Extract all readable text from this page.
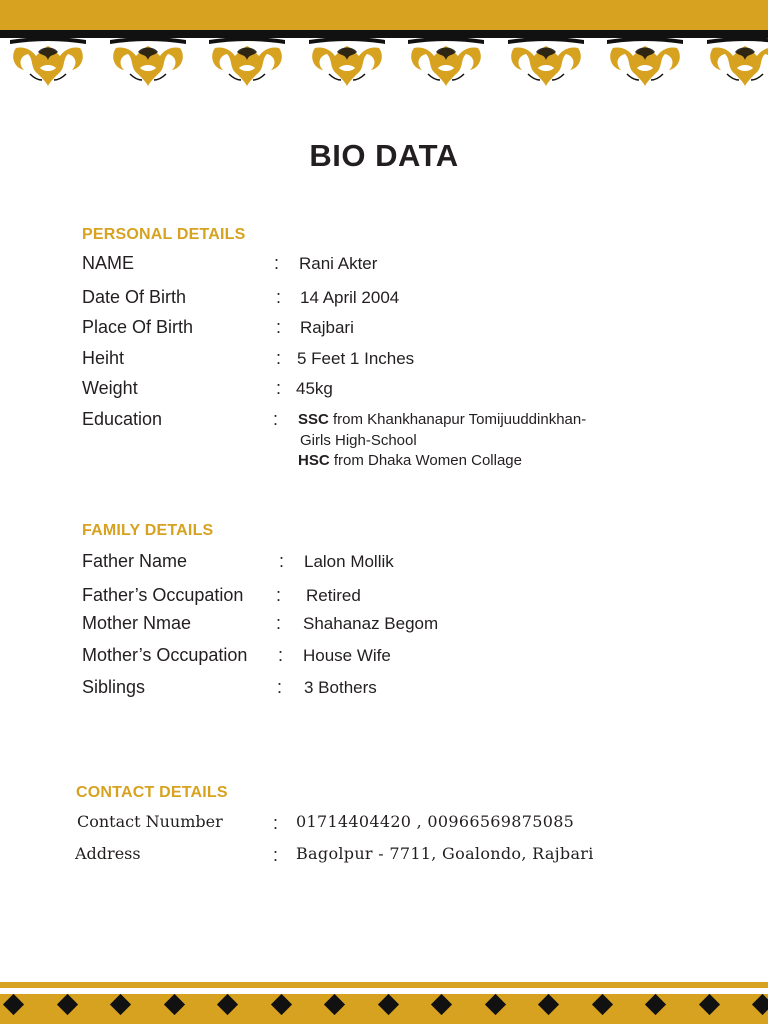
BIO DATA
PERSONAL DETAILS
NAME	: Rani Akter
Date Of Birth	: 14 April 2004
Place Of Birth	: Rajbari
Heiht	: 5 Feet 1 Inches
Weight	: 45kg
Education	: SSC from Khankhanapur Tomijuuddinkhan-
Girls High-School
HSC from Dhaka Women Collage
FAMILY DETAILS
Father Name	: Lalon Mollik
Father’s Occupation : Retired
Mother Nmae	: Shahanaz Begom
Mother’s Occupation : House Wife
Siblings	: 3 Bothers
CONTACT DETAILS
Contact Nuumber	: 01714404420 , 00966569875085
Address	: Bagolpur - 7711, Goalondo, Rajbari
